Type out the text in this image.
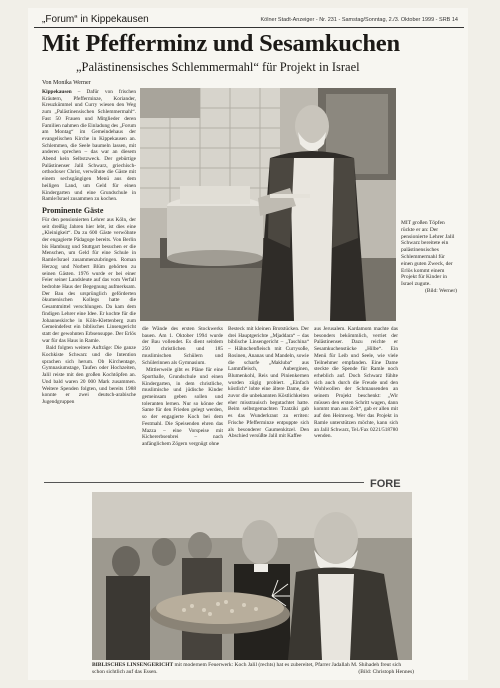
„Forum“ in Kippekausen	Kölner Stadt-Anzeiger - Nr. 231 - Samstag/Sonntag, 2./3. Oktober 1999 - SRB 14
Mit Pfefferminz und Sesamkuchen
„Palästinensisches Schlemmermahl“ für Projekt in Israel
Von Monika Werner

Kippekausen – Dafür von frischen Kräutern, Pfefferminze, Koriander, Kreuzkümmel und Curry wiesen den Weg zum „Palästinensischen Schlemmermahl“. Fast 50 Frauen und Mitglieder deren Familien nahmen die Einladung des „Forum am Montag“ im Gemeindehaus der evangelischen Kirche in Kippekausen an. Schlemmen, die Seele baumeln lassen, mit anderen sprechen – das war an diesem Abend kein Selbstzweck. Der gebürtige Palästinenser Jalil Schwarz, griechisch-orthodoxer Christ, verwöhnte die Gäste mit einem sechsgängigen Menü aus dem heiligen Land, um Geld für einen Kindergarten und eine Grundschule in Ramle/Israel zusammen zu kochen.

Prominente Gäste

Für den pensionierten Lehrer aus Köln, der seit dreißig Jahren hier lebt, ist dies eine „Kleinigkeit“. Da zu 600 Gäste verwöhnte der engagierte Pädagoge bereits. Von Berlin bis Hamburg und Stuttgart besuchen er die Menschen, um Geld für eine Schule in Ramle/Israel zusammenzubringen. Roman Herzog und Norbert Blüm gehörten zu seinen Gästen. 1976 wurde er bei einer Feier seiner Landsleute auf das vom Verfall bedrohte Haus der Begegnung aufmerksam. Der Bau des ursprünglich geförderten ökumenischen Kollegs hatte die Gesamtmittel verschlungen. Da kam dem findigen Lehrer eine Idee. Er kochte für die Johanneskirche in Köln-Klettenberg zum Gemeindefest ein biblisches Linsengericht statt der gewohnten Erbsensuppe. Der Erlös war für das Haus in Ramle.

Bald folgten weitere Aufträge: Die ganze Kochkiste Schwarz und die Intention sprachen sich herum. Ob Kirchentage, Gymnasiumstage, Taufen oder Hochzeiten, Jalil reiste mit den großen Kochtöpfen an. Und bald waren 20 000 Mark zusammen. Weitere Spenden folgten, und bereits 1988 konnte er zwei deutsch-arabische Jugendgruppen

MIT großen Töpfen rückte er an: Der pensionierte Lehrer Jalil Schwarz bereitete ein palästinensisches Schlemmermahl für einen guten Zweck, der Erlös kommt einem Projekt für Kinder in Israel zugute.
(Bild: Werner)

die Wände des ersten Stockwerks bauen. Am 1. Oktober 1994 wurde der Bau vollendet. Es dient seitdem 250 christlichen und 185 muslimischen Schülern und Schülerinnen als Gymnasium.

Mittlerweile gibt es Pläne für eine Sporthalle, Grundschule und einen Kindergarten, in dem christliche, muslimische und jüdische Kinder gemeinsam geben sollen und toleranten lernen. Nur so könne der Same für den Frieden gelegt werden, so der engagierte Koch bei dem Festmahl. Die Speisenden ehren das Mazza – eine Vorspeise mit Kichererbsenbrei – nach anfänglichem Zögern vergnügt ohne

Besteck mit kleinen Brotstücken. Der drei Hauptgerichte „Mjaddara“ – das biblische Linsengericht – „Taschina“ – Hähnchenfleisch mit Currysoße, Rosinen, Ananas und Mandeln, sowie die scharfe „Makluba“ aus Lammfleisch, Auberginen, Blumenkohl, Reis und Pinienkernen wurden zügig probiert. „Einfach köstlich“ lobte eine ältere Dame, die zuvor die unbekannten Köstlichkeiten eher misstrauisch begutachtet hatte. Beim selbstgemachten Tzatziki gab es das Wunderkraut zu erriten: Frische Pfefferminze entpuppte sich als besonderer Gaumenkitzel. Den Abschied versüßte Jalil mit Kaffee

aus Jerusalem. Kardamom machte das besonders bekömmlich, verriet der Palästinenser. Dazu reichte er Sesamkuchenstücke „Hilbe“. Ein Menü für Leib und Seele, wie viele Teilnehmer empfanden. Eine Dame steckte die Spende für Ramle noch erheblich auf. Doch Schwarz fühlte sich auch durch die Freude und den Wohlwollen der Schmausenden an seinem Projekt beschenkt: „Wir müssen den ersten Schritt wagen, dann kommt man aus Zeit“, gab er allen mit auf den Heimweg. Wer das Projekt in Ramle unterstützen möchte, kann sich an Jalil Schwarz, Tel./Fax 0221/518780 wenden.

FORE
BIBLISCHES LINSENGERICHT mit modernem Feuerwerk: Koch Jalil (rechts) hat es zubereitet, Pfarrer Jadallah M. Shihadeh freut sich schon sichtlich auf das Essen.	(Bild: Christoph Hennes)
